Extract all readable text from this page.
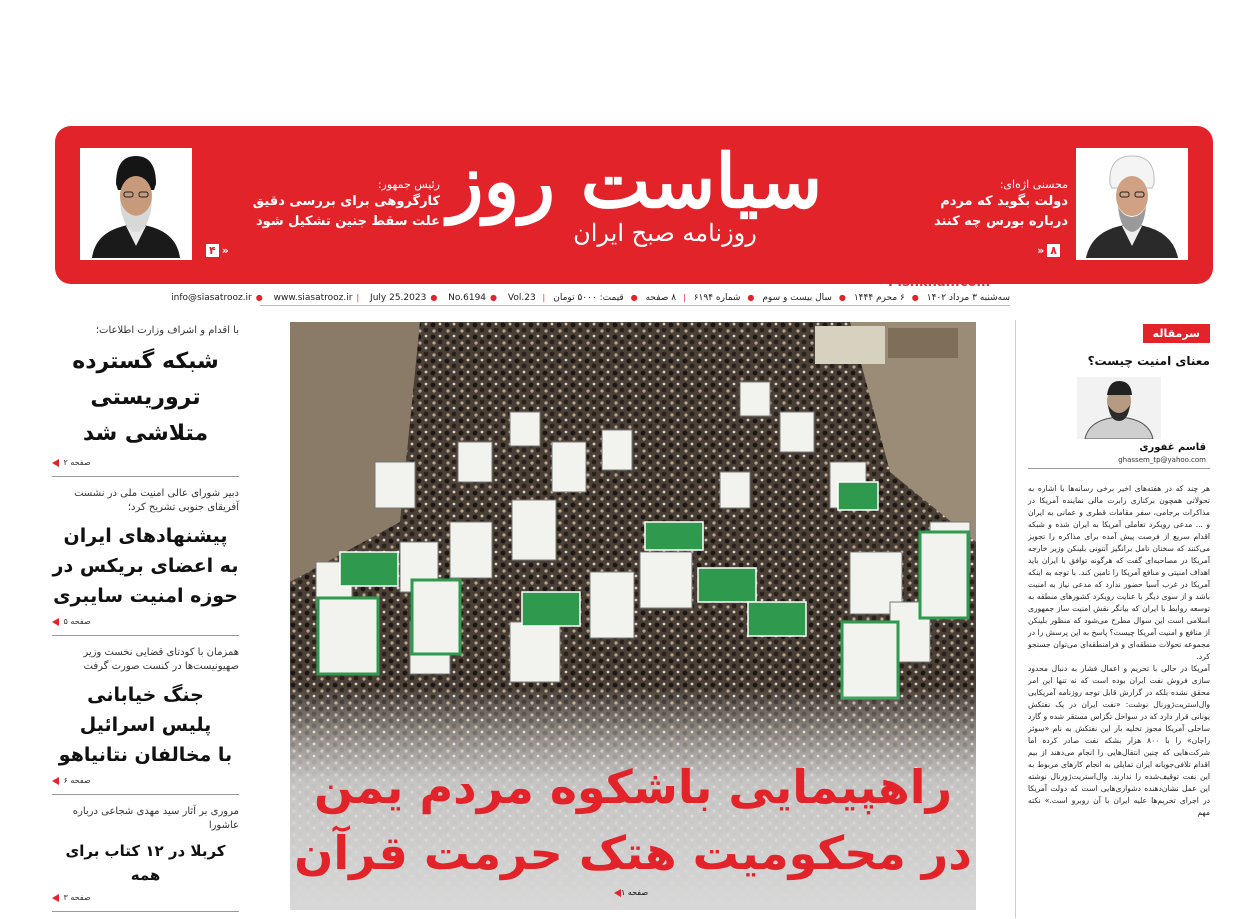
رئیس جمهور:
کارگروهی برای بررسی دقیق
علت سقط جنین تشکیل شود
۴ »
سیاست روز
روزنامه صبح ایران
محسنی اژه‌ای:
دولت بگوید که مردم
درباره بورس چه کنند
» ۸
سه‌شنبه ۳ مرداد ۱۴۰۲● ۶ محرم ۱۴۴۴● سال بیست و سوم● شماره ۶۱۹۴| ۸ صفحه● قیمت: ۵۰۰۰ تومان| info@siasatrooz.ir ● www.siasatrooz.ir | July 25.2023 ● No.6194 ● Vol.23
پیشخوان
Pishkhan.com
با اقدام و اشراف وزارت اطلاعات؛
شبکه گسترده
تروریستی
متلاشی شد
صفحه ۲
دبیر شورای عالی امنیت ملی در نشست آفریقای جنوبی تشریح کرد؛
پیشنهادهای ایران
به اعضای بریکس در
حوزه امنیت سایبری
صفحه ۵
همزمان با کودتای قضایی نخست وزیر صهیونیست‌ها در کنست صورت گرفت
جنگ خیابانی
پلیس اسرائیل
با مخالفان نتانیاهو
صفحه ۶
مروری بر آثار سید مهدی شجاعی درباره عاشورا
کربلا در ۱۲ کتاب برای همه
صفحه ۳
راهپیمایی باشکوه مردم یمن
در محکومیت هتک حرمت قرآن
صفحه ۱
سرمقاله
معنای امنیت چیست؟
قاسم غفوری
ghassem_tp@yahoo.com

هر چند که در هفته‌های اخیر برخی رسانه‌ها با اشاره به تحولاتی همچون برکناری رابرت مالی نماینده آمریکا در مذاکرات برجامی، سفر مقامات قطری و عمانی به ایران و ... مدعی رویکرد تعاملی آمریکا به ایران شده و شبکه اقدام سریع از فرصت پیش آمده برای مذاکره را تجویز می‌کنند که سخنان تامل برانگیز آنتونی بلینکن وزیر خارجه آمریکا در مصاحبه‌ای گفت که هرگونه توافق با ایران باید اهداف امنیتی و منافع آمریکا را تامین کند. با توجه به اینکه آمریکا در غرب آسیا حضور ندارد که مدعی نیاز به امنیت باشد و از سوی دیگر با عنایت رویکرد کشورهای منطقه به توسعه روابط با ایران که بیانگر نقش امنیت ساز جمهوری اسلامی است این سوال مطرح می‌شود که منظور بلینکن از منافع و امنیت آمریکا چیست؟ پاسخ به این پرسش را در مجموعه تحولات منطقه‌ای و فرامنطقه‌ای می‌توان جستجو کرد.

آمریکا در حالی با تحریم و اعمال فشار به دنبال محدود سازی فروش نفت ایران بوده است که نه تنها این امر محقق نشده بلکه در گزارش قابل توجه روزنامه آمریکایی وال‌استریت‌ژورنال نوشت: «نفت ایران در یک نفتکش یونانی قرار دارد که در سواحل تگزاس مستقر شده و گارد ساحلی آمریکا مجوز تخلیه بار این نفتکش به نام «سوئز راجان» را با ۸۰۰ هزار بشکه نفت صادر کرده اما شرکت‌هایی که چنین انتقال‌هایی را انجام می‌دهند از بیم اقدام تلافی‌جویانه ایران تمایلی به انجام کارهای مربوط به این نفت توقیف‌شده را ندارند. وال‌استریت‌ژورنال نوشته این عمل نشان‌دهنده دشواری‌هایی است که دولت آمریکا در اجرای تحریم‌ها علیه ایران با آن روبرو است.» نکته مهم
